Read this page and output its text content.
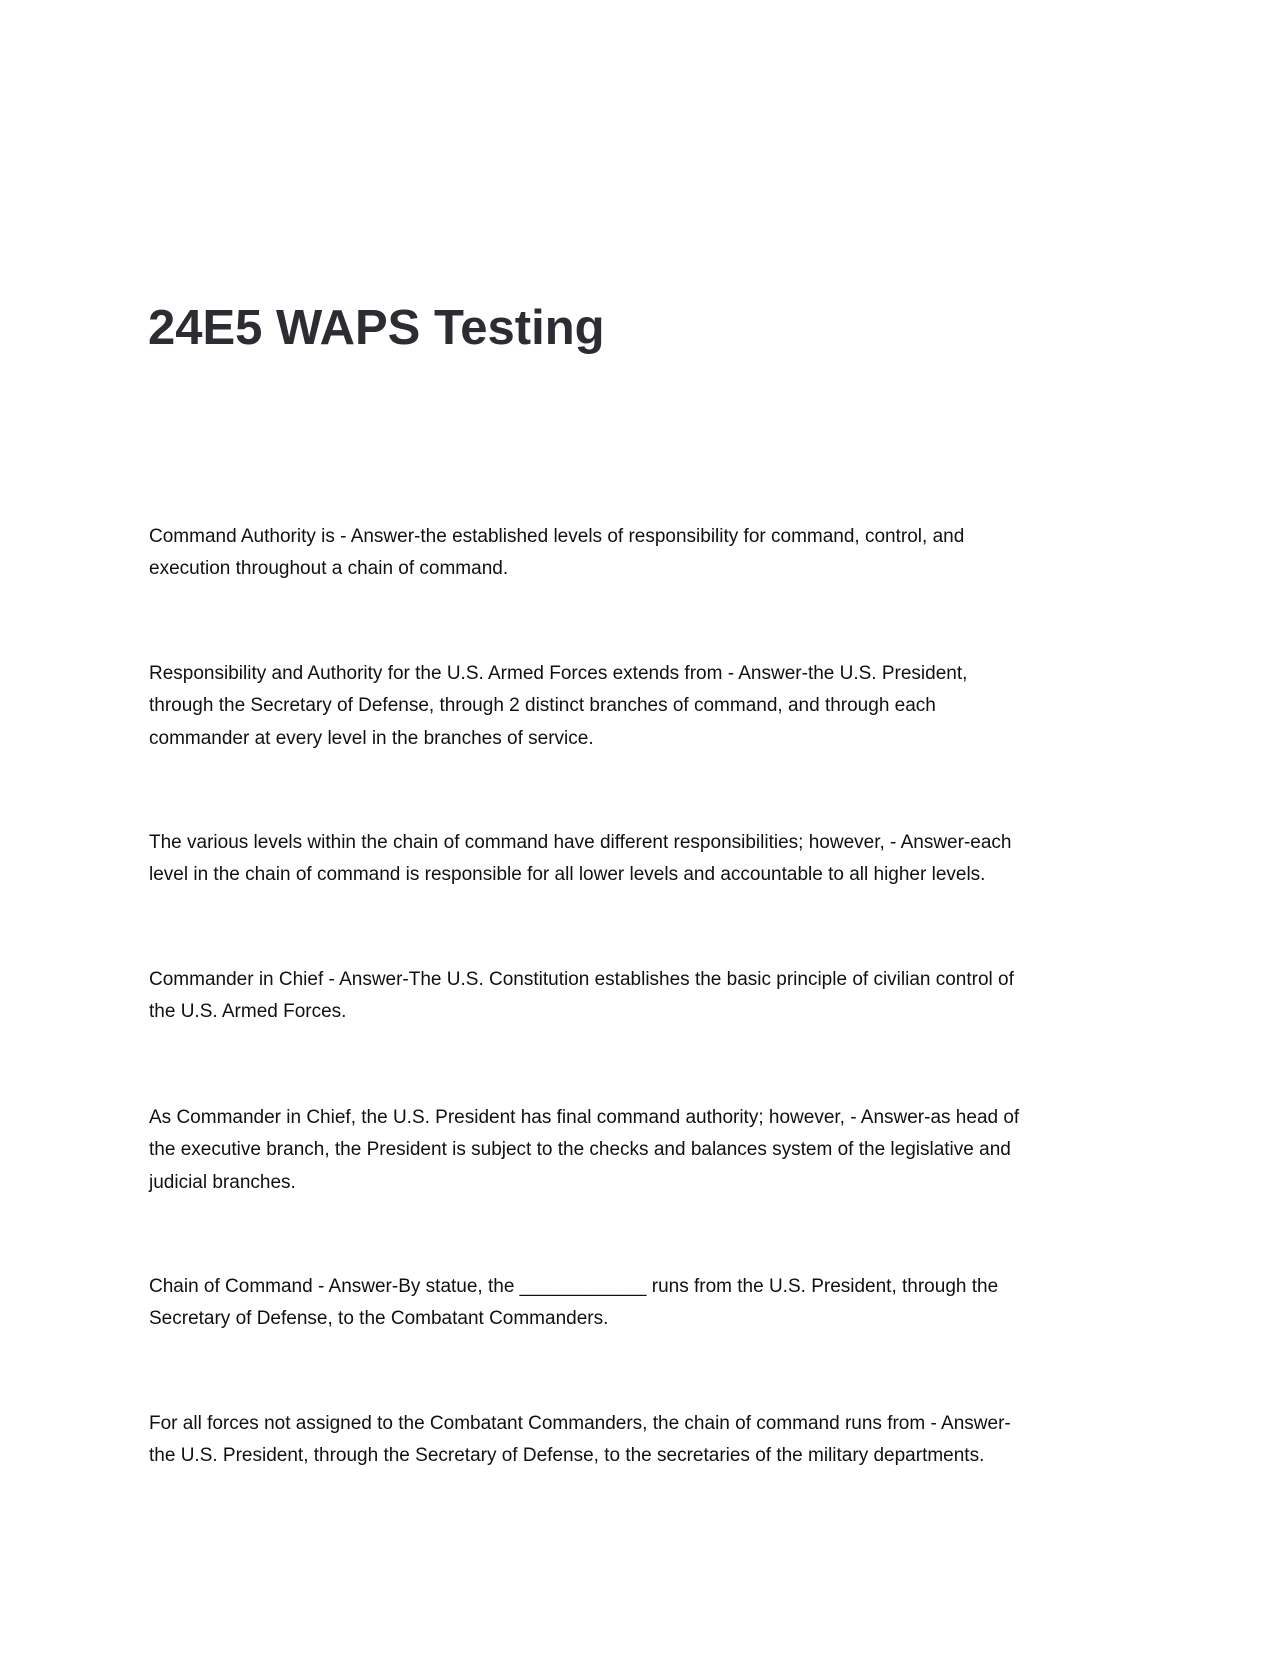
24E5 WAPS Testing

Command Authority is - Answer-the established levels of responsibility for command, control, and
execution throughout a chain of command.

Responsibility and Authority for the U.S. Armed Forces extends from - Answer-the U.S. President,
through the Secretary of Defense, through 2 distinct branches of command, and through each
commander at every level in the branches of service.

The various levels within the chain of command have different responsibilities; however, - Answer-each
level in the chain of command is responsible for all lower levels and accountable to all higher levels.

Commander in Chief - Answer-The U.S. Constitution establishes the basic principle of civilian control of
the U.S. Armed Forces.

As Commander in Chief, the U.S. President has final command authority; however, - Answer-as head of
the executive branch, the President is subject to the checks and balances system of the legislative and
judicial branches.

Chain of Command - Answer-By statue, the ____________ runs from the U.S. President, through the
Secretary of Defense, to the Combatant Commanders.

For all forces not assigned to the Combatant Commanders, the chain of command runs from - Answer-
the U.S. President, through the Secretary of Defense, to the secretaries of the military departments.
